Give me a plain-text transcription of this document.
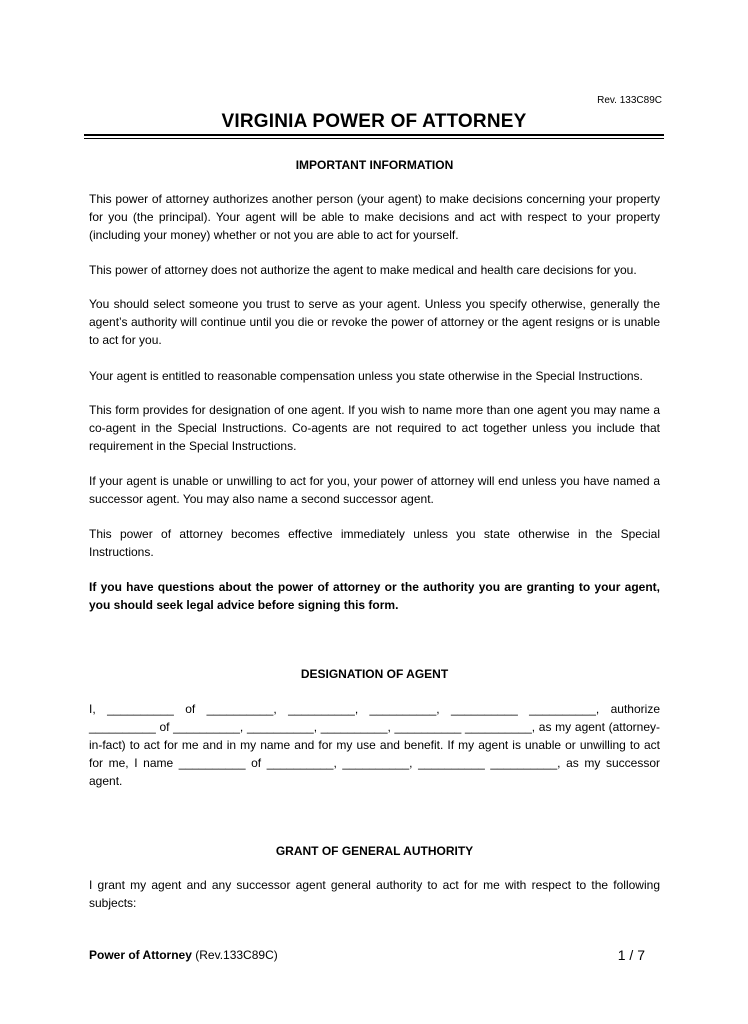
Rev. 133C89C
VIRGINIA POWER OF ATTORNEY
IMPORTANT INFORMATION

This power of attorney authorizes another person (your agent) to make decisions concerning your property for you (the principal). Your agent will be able to make decisions and act with respect to your property (including your money) whether or not you are able to act for yourself.

This power of attorney does not authorize the agent to make medical and health care decisions for you.

You should select someone you trust to serve as your agent. Unless you specify otherwise, generally the agent’s authority will continue until you die or revoke the power of attorney or the agent resigns or is unable to act for you.

Your agent is entitled to reasonable compensation unless you state otherwise in the Special Instructions.

This form provides for designation of one agent. If you wish to name more than one agent you may name a co-agent in the Special Instructions. Co-agents are not required to act together unless you include that requirement in the Special Instructions.

If your agent is unable or unwilling to act for you, your power of attorney will end unless you have named a successor agent. You may also name a second successor agent.

This power of attorney becomes effective immediately unless you state otherwise in the Special Instructions.

If you have questions about the power of attorney or the authority you are granting to your agent, you should seek legal advice before signing this form.

DESIGNATION OF AGENT

I, __________ of __________, __________, __________, __________ __________, authorize __________ of __________, __________, __________, __________ __________, as my agent (attorney-in-fact) to act for me and in my name and for my use and benefit. If my agent is unable or unwilling to act for me, I name __________ of __________, __________, __________ __________, as my successor agent.

GRANT OF GENERAL AUTHORITY

I grant my agent and any successor agent general authority to act for me with respect to the following subjects:

Power of Attorney (Rev.133C89C)	1 / 7
